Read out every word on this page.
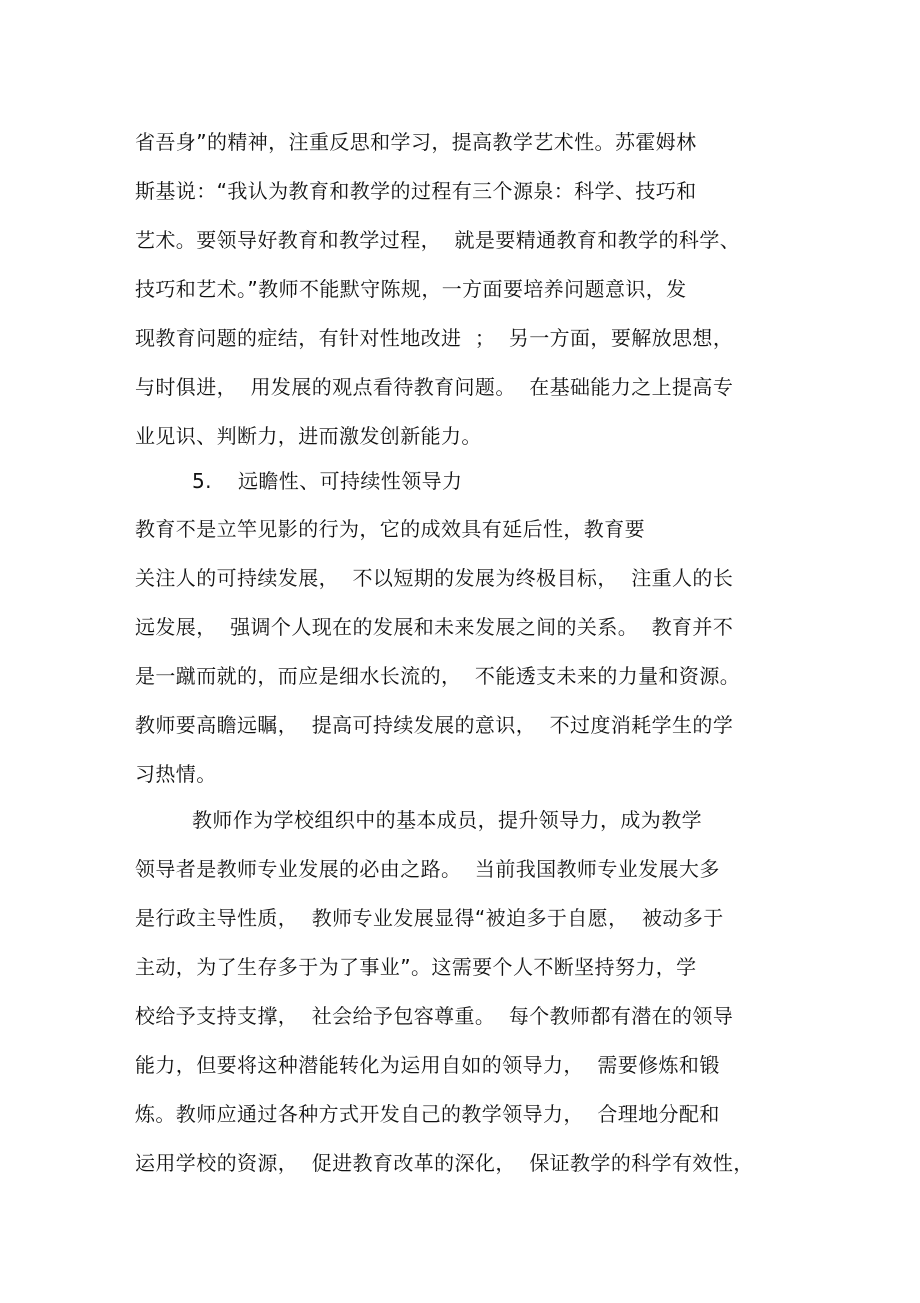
省吾身”的精神，注重反思和学习，提高教学艺术性。苏霍姆林
斯基说：“我认为教育和教学的过程有三个源泉：科学、技巧和
艺术。要领导好教育和教学过程，  就是要精通教育和教学的科学、
技巧和艺术。”教师不能默守陈规，一方面要培养问题意识，发
现教育问题的症结，有针对性地改进  ；  另一方面，要解放思想，
与时俱进，  用发展的观点看待教育问题。  在基础能力之上提高专
业见识、判断力，进而激发创新能力。
5. 远瞻性、可持续性领导力
教育不是立竿见影的行为，它的成效具有延后性，教育要
关注人的可持续发展，  不以短期的发展为终极目标，  注重人的长
远发展，  强调个人现在的发展和未来发展之间的关系。  教育并不
是一蹴而就的，而应是细水长流的，  不能透支未来的力量和资源。
教师要高瞻远瞩，  提高可持续发展的意识，  不过度消耗学生的学
习热情。
教师作为学校组织中的基本成员，提升领导力，成为教学
领导者是教师专业发展的必由之路。  当前我国教师专业发展大多
是行政主导性质，  教师专业发展显得“被迫多于自愿，  被动多于
主动，为了生存多于为了事业”。这需要个人不断坚持努力，学
校给予支持支撑，  社会给予包容尊重。  每个教师都有潜在的领导
能力，但要将这种潜能转化为运用自如的领导力，  需要修炼和锻
炼。教师应通过各种方式开发自己的教学领导力，  合理地分配和
运用学校的资源，  促进教育改革的深化，  保证教学的科学有效性，
